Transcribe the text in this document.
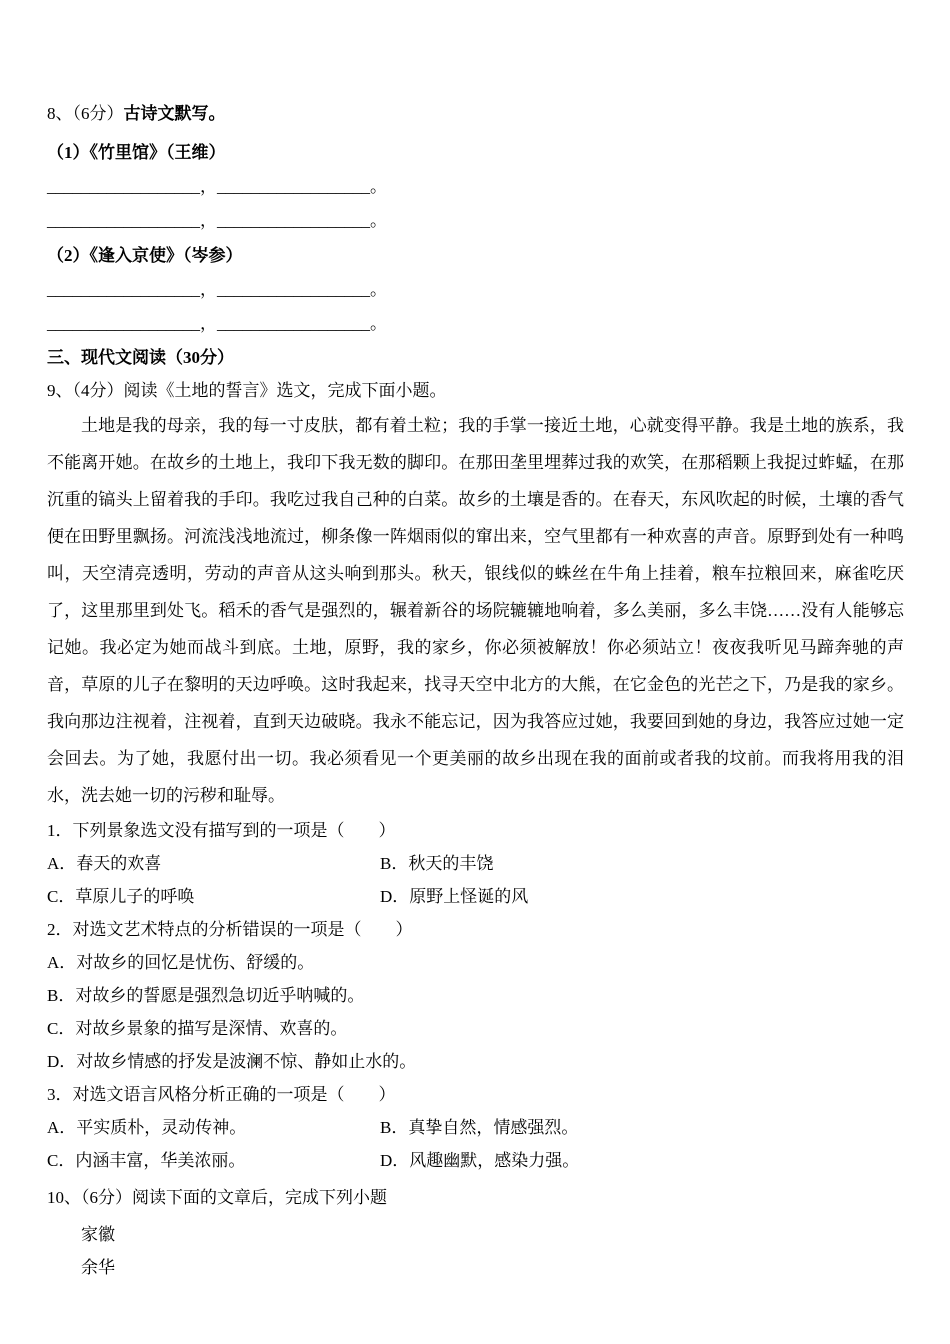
8、（6分）古诗文默写。
（1）《竹里馆》（王维）
__________________，__________________。
__________________，__________________。
（2）《逢入京使》（岑参）
__________________，__________________。
__________________，__________________。
三、现代文阅读（30分）
9、（4分）阅读《土地的誓言》选文，完成下面小题。

土地是我的母亲，我的每一寸皮肤，都有着土粒；我的手掌一接近土地，心就变得平静。我是土地的族系，我不能离开她。在故乡的土地上，我印下我无数的脚印。在那田垄里埋葬过我的欢笑，在那稻颗上我捉过蚱蜢，在那沉重的镐头上留着我的手印。我吃过我自己种的白菜。故乡的土壤是香的。在春天，东风吹起的时候，土壤的香气便在田野里飘扬。河流浅浅地流过，柳条像一阵烟雨似的窜出来，空气里都有一种欢喜的声音。原野到处有一种鸣叫，天空清亮透明，劳动的声音从这头响到那头。秋天，银线似的蛛丝在牛角上挂着，粮车拉粮回来，麻雀吃厌了，这里那里到处飞。稻禾的香气是强烈的，辗着新谷的场院辘辘地响着，多么美丽，多么丰饶……没有人能够忘记她。我必定为她而战斗到底。土地，原野，我的家乡，你必须被解放！你必须站立！夜夜我听见马蹄奔驰的声音，草原的儿子在黎明的天边呼唤。这时我起来，找寻天空中北方的大熊，在它金色的光芒之下，乃是我的家乡。我向那边注视着，注视着，直到天边破晓。我永不能忘记，因为我答应过她，我要回到她的身边，我答应过她一定会回去。为了她，我愿付出一切。我必须看见一个更美丽的故乡出现在我的面前或者我的坟前。而我将用我的泪水，洗去她一切的污秽和耻辱。

1．下列景象选文没有描写到的一项是（　　）
A．春天的欢喜	B．秋天的丰饶
C．草原儿子的呼唤	D．原野上怪诞的风
2．对选文艺术特点的分析错误的一项是（　　）
A．对故乡的回忆是忧伤、舒缓的。
B．对故乡的誓愿是强烈急切近乎呐喊的。
C．对故乡景象的描写是深情、欢喜的。
D．对故乡情感的抒发是波澜不惊、静如止水的。
3．对选文语言风格分析正确的一项是（　　）
A．平实质朴，灵动传神。	B．真挚自然，情感强烈。
C．内涵丰富，华美浓丽。	D．风趣幽默，感染力强。
10、（6分）阅读下面的文章后，完成下列小题
家徽
余华
